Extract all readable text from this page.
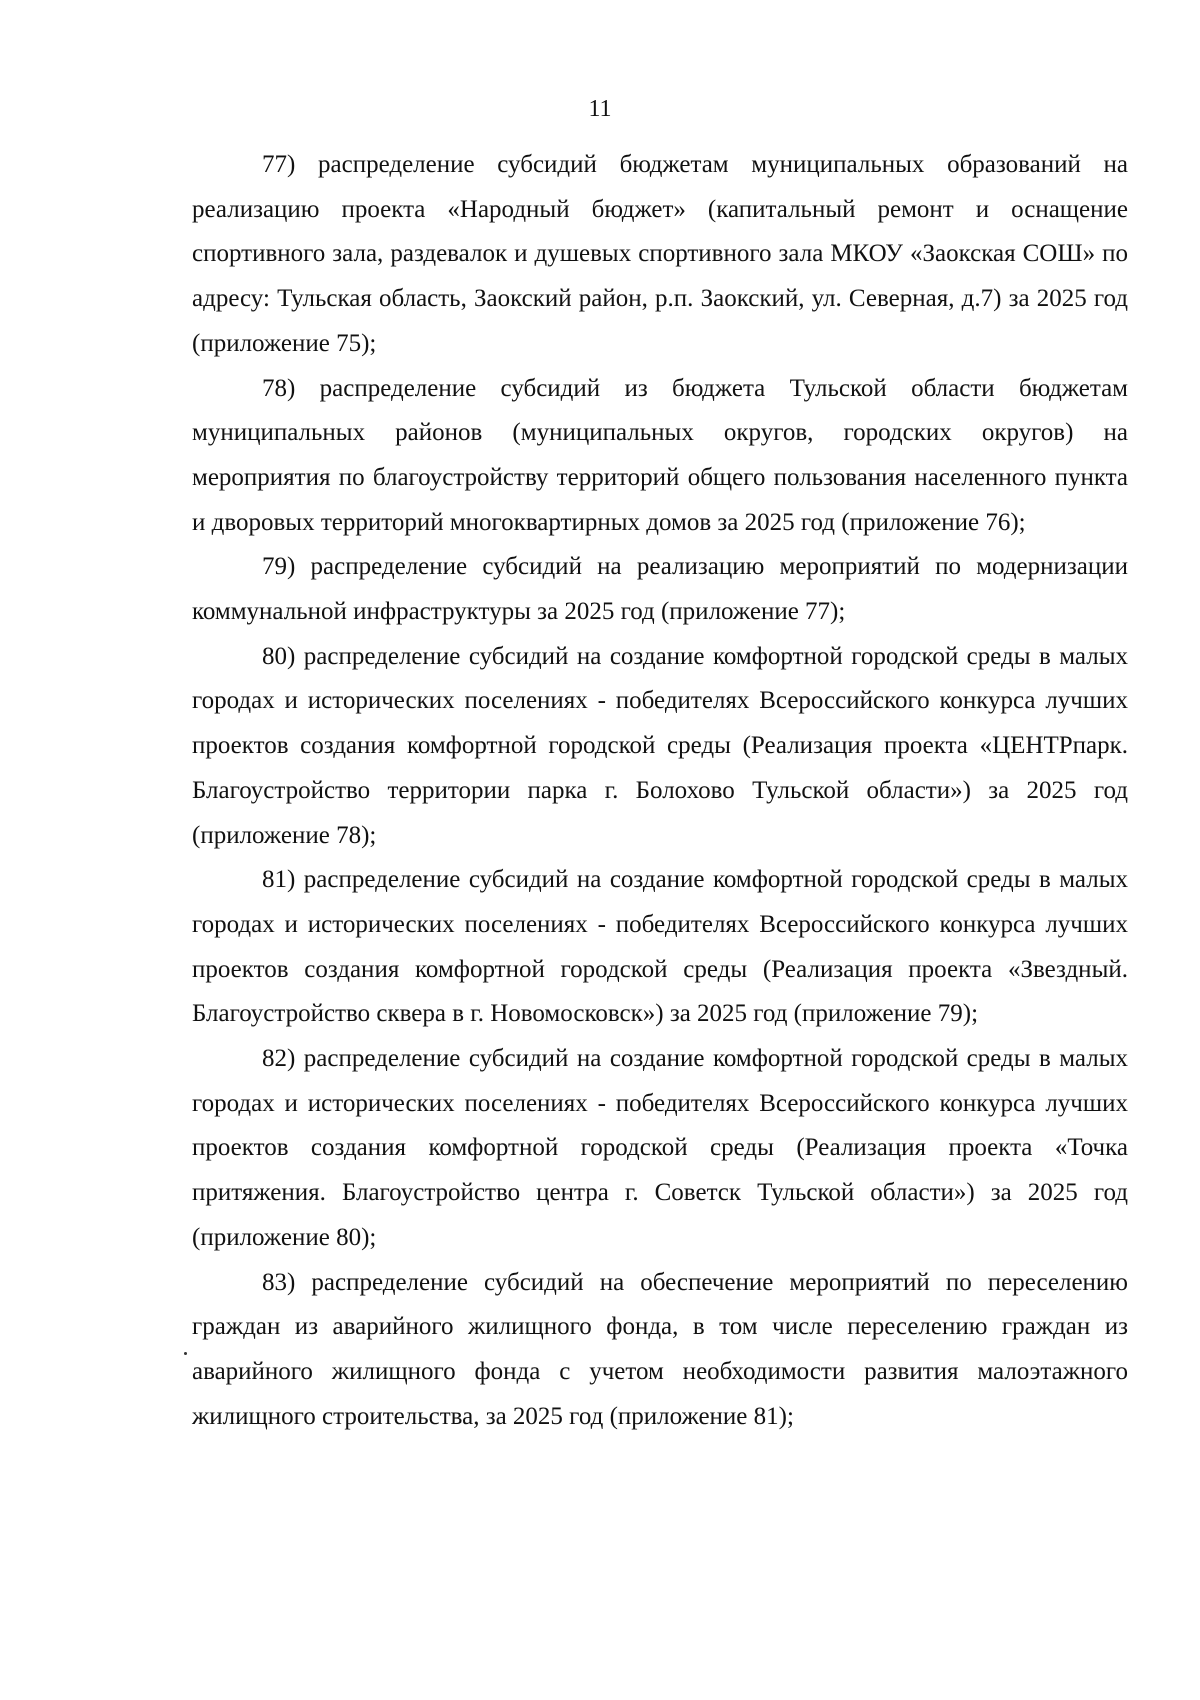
11

77) распределение субсидий бюджетам муниципальных образований на реализацию проекта «Народный бюджет» (капитальный ремонт и оснащение спортивного зала, раздевалок и душевых спортивного зала МКОУ «Заокская СОШ» по адресу: Тульская область, Заокский район, р.п. Заокский, ул. Северная, д.7) за 2025 год (приложение 75);

78) распределение субсидий из бюджета Тульской области бюджетам муниципальных районов (муниципальных округов, городских округов) на мероприятия по благоустройству территорий общего пользования населенного пункта и дворовых территорий многоквартирных домов за 2025 год (приложение 76);

79) распределение субсидий на реализацию мероприятий по модернизации коммунальной инфраструктуры за 2025 год (приложение 77);

80) распределение субсидий на создание комфортной городской среды в малых городах и исторических поселениях - победителях Всероссийского конкурса лучших проектов создания комфортной городской среды (Реализация проекта «ЦЕНТРпарк. Благоустройство территории парка г. Болохово Тульской области») за 2025 год (приложение 78);

81) распределение субсидий на создание комфортной городской среды в малых городах и исторических поселениях - победителях Всероссийского конкурса лучших проектов создания комфортной городской среды (Реализация проекта «Звездный. Благоустройство сквера в г. Новомосковск») за 2025 год (приложение 79);

82) распределение субсидий на создание комфортной городской среды в малых городах и исторических поселениях - победителях Всероссийского конкурса лучших проектов создания комфортной городской среды (Реализация проекта «Точка притяжения. Благоустройство центра г. Советск Тульской области») за 2025 год (приложение 80);

83) распределение субсидий на обеспечение мероприятий по переселению граждан из аварийного жилищного фонда, в том числе переселению граждан из аварийного жилищного фонда с учетом необходимости развития малоэтажного жилищного строительства, за 2025 год (приложение 81);
